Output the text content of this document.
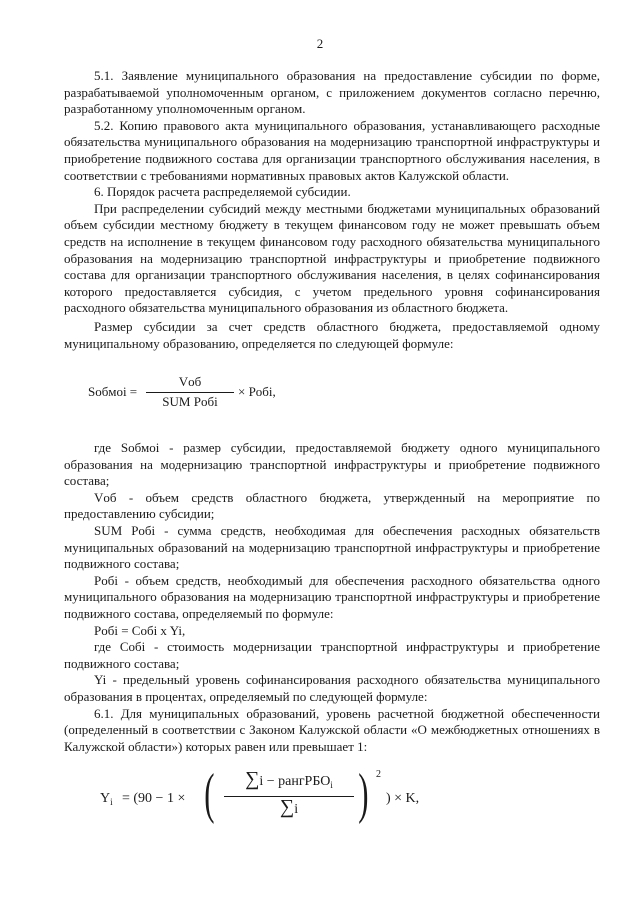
2

5.1. Заявление муниципального образования на предоставление субсидии по форме, разрабатываемой уполномоченным органом, с приложением документов согласно перечню, разработанному уполномоченным органом.

5.2. Копию правового акта муниципального образования, устанавливающего расходные обязательства муниципального образования на модернизацию транспортной инфраструктуры и приобретение подвижного состава для организации транспортного обслуживания населения, в соответствии с требованиями нормативных правовых актов Калужской области.

6. Порядок расчета распределяемой субсидии.

При распределении субсидий между местными бюджетами муниципальных образований объем субсидии местному бюджету в текущем финансовом году не может превышать объем средств на исполнение в текущем финансовом году расходного обязательства муниципального образования на модернизацию транспортной инфраструктуры и приобретение подвижного состава для организации транспортного обслуживания населения, в целях софинансирования которого предоставляется субсидия, с учетом предельного уровня софинансирования расходного обязательства муниципального образования из областного бюджета.

Размер субсидии за счет средств областного бюджета, предоставляемой одному муниципальному образованию, определяется по следующей формуле:

Sобмоi =
Vоб
SUM Pобi
× Pобi,

где Sобмоi - размер субсидии, предоставляемой бюджету одного муниципального образования на модернизацию транспортной инфраструктуры и приобретение подвижного состава;

Vоб - объем средств областного бюджета, утвержденный на мероприятие по предоставлению субсидии;

SUM Pобi - сумма средств, необходимая для обеспечения расходных обязательств муниципальных образований на модернизацию транспортной инфраструктуры и приобретение подвижного состава;

Pобi - объем средств, необходимый для обеспечения расходного обязательства одного муниципального образования на модернизацию транспортной инфраструктуры и приобретение подвижного состава, определяемый по формуле:

Pобi = Cобi x Yi,

где Cобi - стоимость модернизации транспортной инфраструктуры и приобретение подвижного состава;

Yi - предельный уровень софинансирования расходного обязательства муниципального образования в процентах, определяемый по следующей формуле:

6.1. Для муниципальных образований, уровень расчетной бюджетной обеспеченности (определенный в соответствии с Законом Калужской области «О межбюджетных отношениях в Калужской области») которых равен или превышает 1:

$Y_i = (90 - 1$ × (	∑i − рангРБО$_i$
∑i	) 2
) × K,
